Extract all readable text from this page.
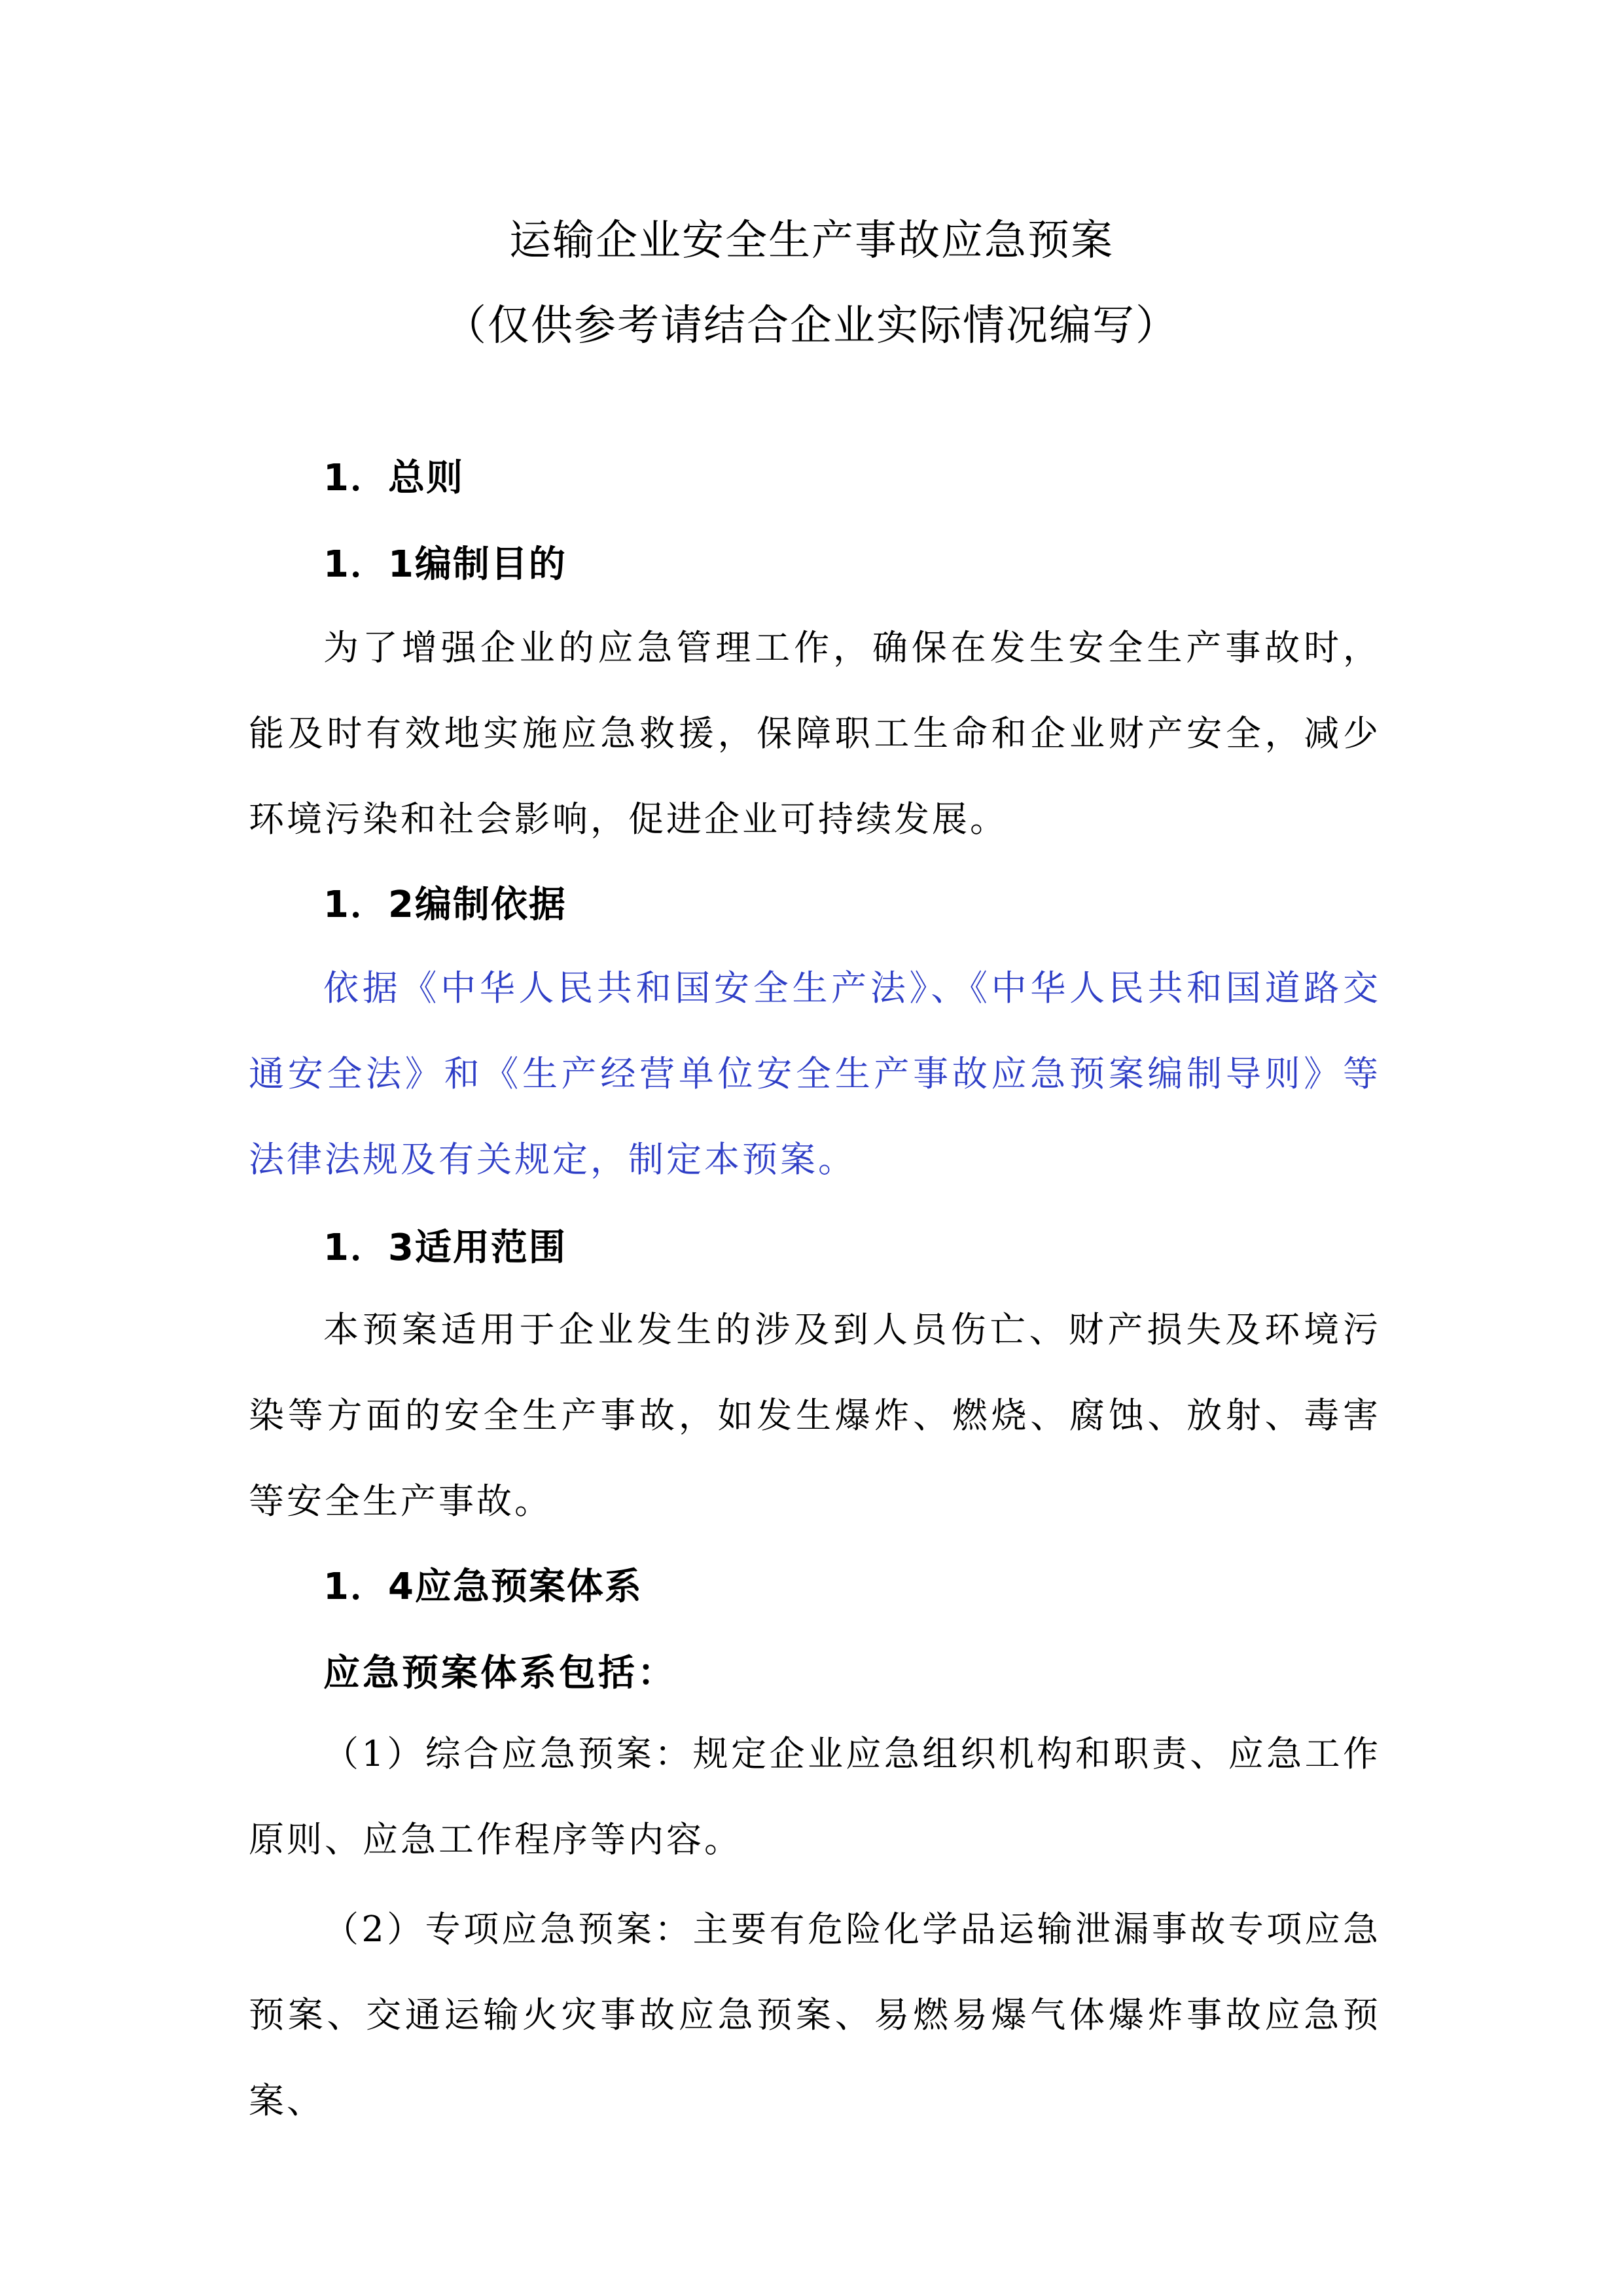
运输企业安全生产事故应急预案
（仅供参考请结合企业实际情况编写）
1．总则
1．1编制目的
为了增强企业的应急管理工作，确保在发生安全生产事故时，能及时有效地实施应急救援，保障职工生命和企业财产安全，减少环境污染和社会影响，促进企业可持续发展。
1．2编制依据
依据《中华人民共和国安全生产法》、《中华人民共和国道路交通安全法》和《生产经营单位安全生产事故应急预案编制导则》等法律法规及有关规定，制定本预案。
1．3适用范围
本预案适用于企业发生的涉及到人员伤亡、财产损失及环境污染等方面的安全生产事故，如发生爆炸、燃烧、腐蚀、放射、毒害等安全生产事故。
1．4应急预案体系
应急预案体系包括：
（1）综合应急预案：规定企业应急组织机构和职责、应急工作原则、应急工作程序等内容。
（2）专项应急预案：主要有危险化学品运输泄漏事故专项应急预案、交通运输火灾事故应急预案、易燃易爆气体爆炸事故应急预案、
